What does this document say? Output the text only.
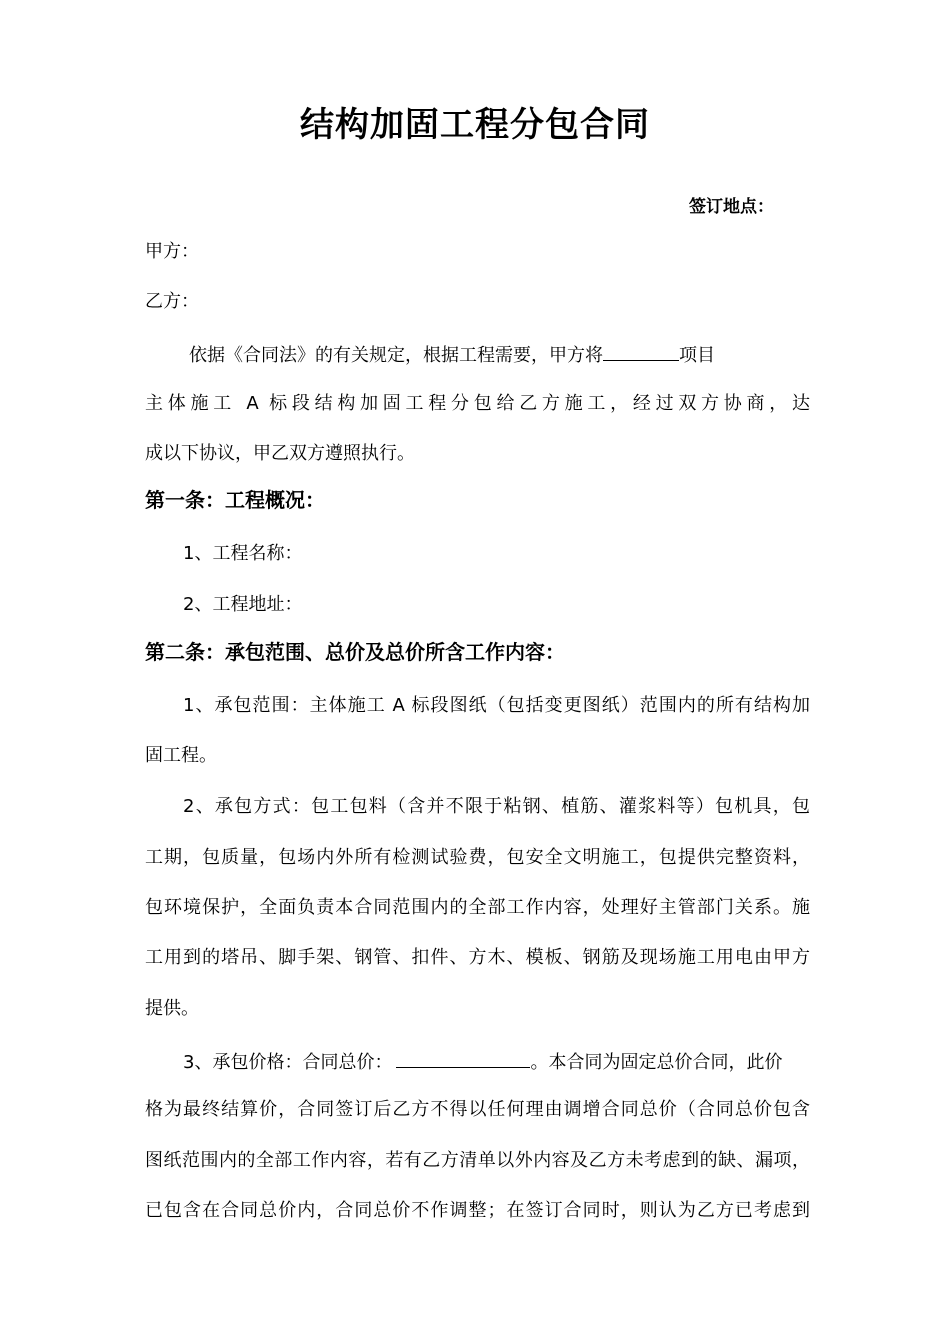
结构加固工程分包合同
签订地点：
甲方：
乙方：
依据《合同法》的有关规定，根据工程需要，甲方将	项目
主体施工 A 标段结构加固工程分包给乙方施工，经过双方协商，达
成以下协议，甲乙双方遵照执行。
第一条：工程概况：
1、工程名称：
2、工程地址：
第二条：承包范围、总价及总价所含工作内容：
1、承包范围：主体施工 A 标段图纸（包括变更图纸）范围内的所有结构加
固工程。
2、承包方式：包工包料（含并不限于粘钢、植筋、灌浆料等）包机具，包
工期，包质量，包场内外所有检测试验费，包安全文明施工，包提供完整资料，
包环境保护，全面负责本合同范围内的全部工作内容，处理好主管部门关系。施
工用到的塔吊、脚手架、钢管、扣件、方木、模板、钢筋及现场施工用电由甲方
提供。
3、承包价格：合同总价：	。本合同为固定总价合同，此价
格为最终结算价，合同签订后乙方不得以任何理由调增合同总价（合同总价包含
图纸范围内的全部工作内容，若有乙方清单以外内容及乙方未考虑到的缺、漏项，
已包含在合同总价内，合同总价不作调整；在签订合同时，则认为乙方已考虑到
